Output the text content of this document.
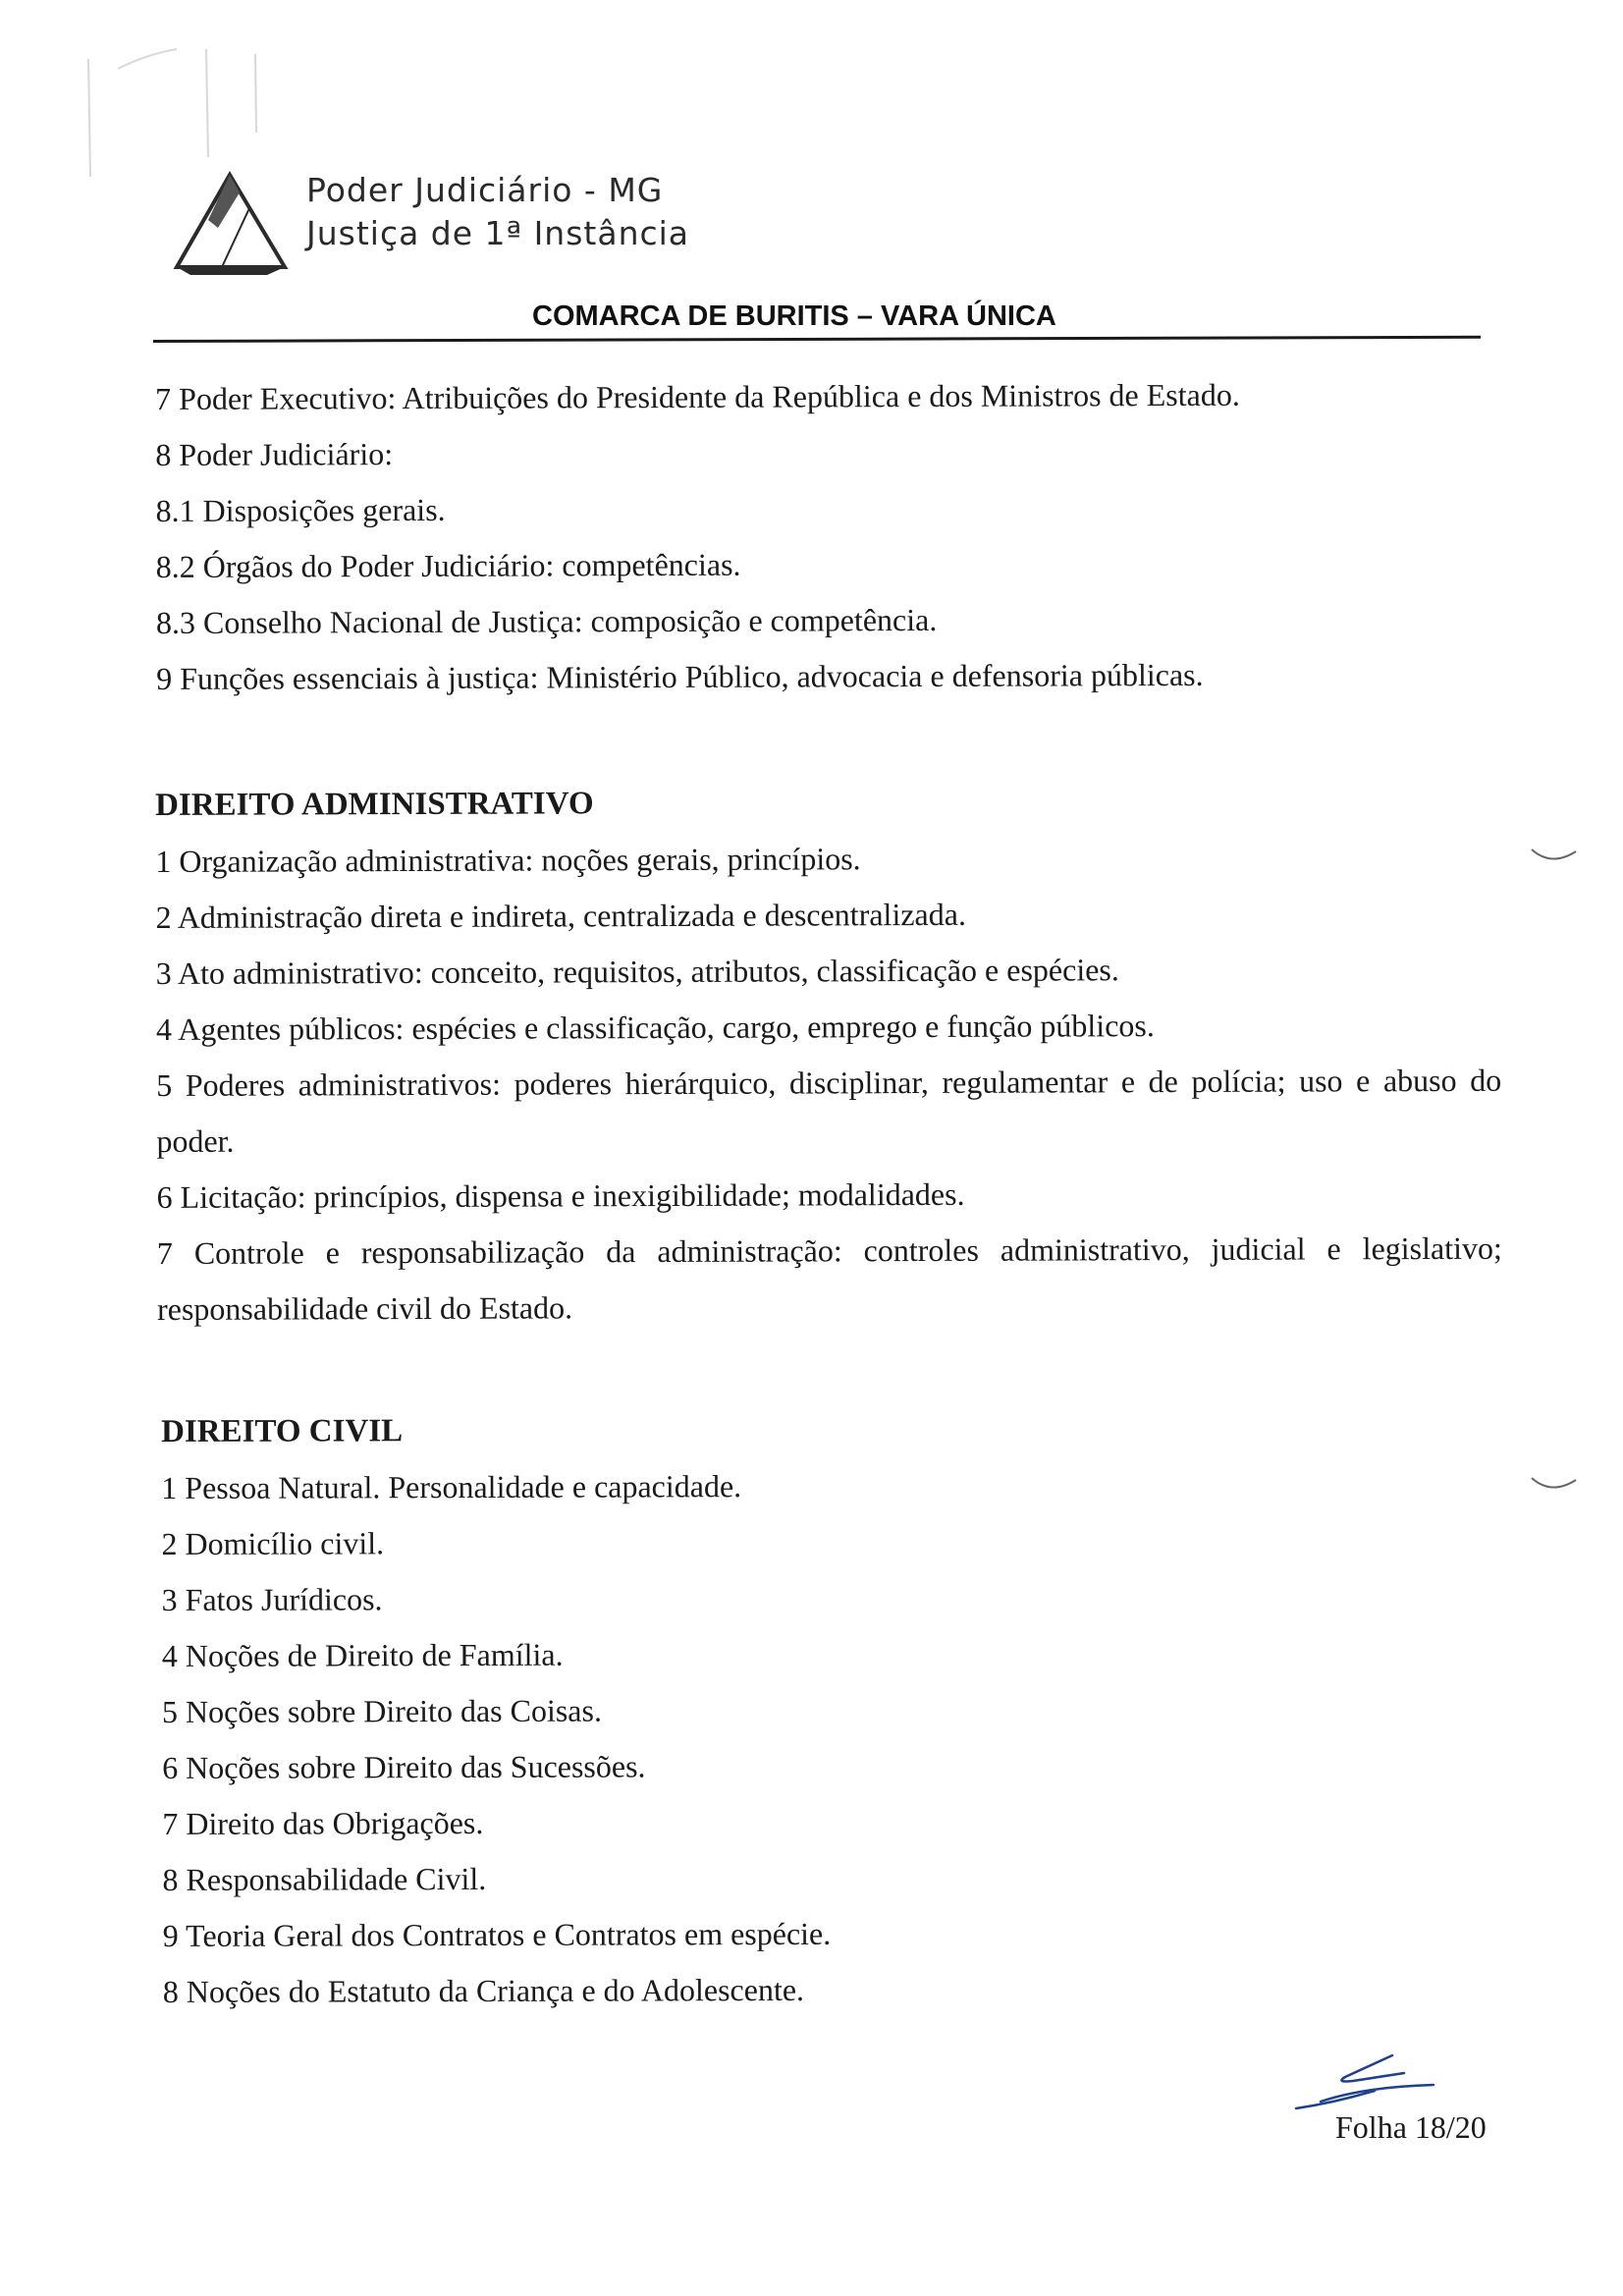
Poder Judiciário - MG
Justiça de 1ª Instância
COMARCA DE BURITIS – VARA ÚNICA
7 Poder Executivo: Atribuições do Presidente da República e dos Ministros de Estado.
8 Poder Judiciário:
8.1 Disposições gerais.
8.2 Órgãos do Poder Judiciário: competências.
8.3 Conselho Nacional de Justiça: composição e competência.
9 Funções essenciais à justiça: Ministério Público, advocacia e defensoria públicas.
DIREITO ADMINISTRATIVO
1 Organização administrativa: noções gerais, princípios.
2 Administração direta e indireta, centralizada e descentralizada.
3 Ato administrativo: conceito, requisitos, atributos, classificação e espécies.
4 Agentes públicos: espécies e classificação, cargo, emprego e função públicos.
5 Poderes administrativos: poderes hierárquico, disciplinar, regulamentar e de polícia; uso e abuso do poder.
6 Licitação: princípios, dispensa e inexigibilidade; modalidades.
7 Controle e responsabilização da administração: controles administrativo, judicial e legislativo; responsabilidade civil do Estado.
DIREITO CIVIL
1 Pessoa Natural. Personalidade e capacidade.
2 Domicílio civil.
3 Fatos Jurídicos.
4 Noções de Direito de Família.
5 Noções sobre Direito das Coisas.
6 Noções sobre Direito das Sucessões.
7 Direito das Obrigações.
8 Responsabilidade Civil.
9 Teoria Geral dos Contratos e Contratos em espécie.
8 Noções do Estatuto da Criança e do Adolescente.
Folha 18/20
